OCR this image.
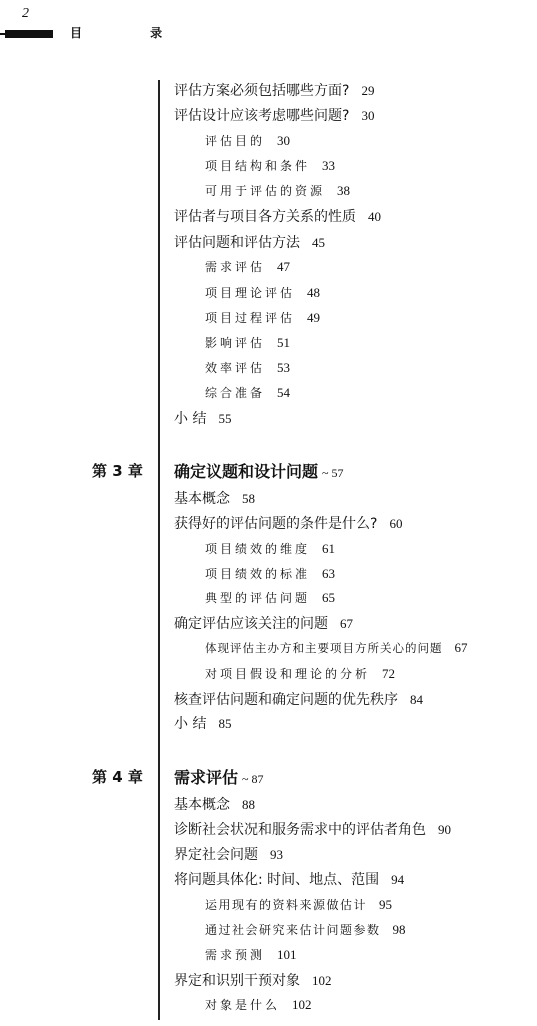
2
目 录
评估方案必须包括哪些方面? 29
评估设计应该考虑哪些问题? 30
评估目的 30
项目结构和条件 33
可用于评估的资源 38
评估者与项目各方关系的性质 40
评估问题和评估方法 45
需求评估 47
项目理论评估 48
项目过程评估 49
影响评估 51
效率评估 53
综合准备 54
小 结 55
第 3 章 确定议题和设计问题 ~ 57
基本概念 58
获得好的评估问题的条件是什么? 60
项目绩效的维度 61
项目绩效的标准 63
典型的评估问题 65
确定评估应该关注的问题 67
体现评估主办方和主要项目方所关心的问题 67
对项目假设和理论的分析 72
核查评估问题和确定问题的优先秩序 84
小 结 85
第 4 章 需求评估 ~ 87
基本概念 88
诊断社会状况和服务需求中的评估者角色 90
界定社会问题 93
将问题具体化: 时间、地点、范围 94
运用现有的资料来源做估计 95
通过社会研究来估计问题参数 98
需求预测 101
界定和识别干预对象 102
对象是什么 102
